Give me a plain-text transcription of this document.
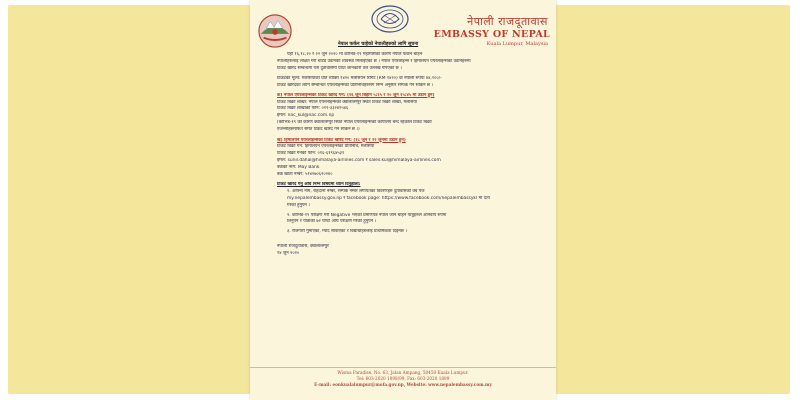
नेपाली राजदूतावास
EMBASSY OF NEPAL
Kuala Lumpur, Malaysia
नेपाल फर्कन चाहेकाे नेपालीहरुको लागि सूचना

यही १६,१८,२० र २२ जुन २०२० मा कोभिड-१९ महामारीका कारण नेपाल फर्कन चाहने
नेपालीहरुलाई लक्षित गरी चार्टर्ड उडानको व्यवस्था मिलाईएको छ । नेपाल एयरलाइन्स र हिमालयन एयरलाइन्सका उडानहरुमा
टिकट खरिद सम्बन्धमा यस दुतावासमा प्राप्त जानकारी तल उल्लेख गरिएको छ ।

टिकटको मूल्य: मलेसियाको प्रति व्यक्ति १४२० मलेसियन रिंगिट (RM १४२०) वा नेपाली रुपैयाँ ४४,१००/-
टिकट खरिदका लागि सम्बन्धित एयरलाइन्सका प्रतिनिधिहरुसँग निम्न अनुसार सम्पर्क गर्न सकिने छ ।

क) नेपाल एयरलाइन्सको टिकट खरिद गर्न: (१६ जुन बिहान ५:१५ र २० जुन १५:४५ मा उडान हुने)
टिकट बिक्री शाखा: नेपाल एयरलाइन्सको क्वालालम्पुर स्थित टिकट बिक्री शाखा, मलेसिया
टिकट बिक्री शाखाको फोन: ०१९-३३२४१५४६
ईमेल: nac_kul@nac.com.np
(कोभिड-१९ को कारण क्वालालम्पुर स्थित नेपाल एयरलाइन्सको कार्यालय बन्द रहेकोले टिकट बिक्री
एजेन्सीहरुमार्फत समेत टिकट खरिद गर्न सकिने छ ।)
ख) हिमालयन एयरलाइन्सको टिकट खरिद गर्न: (१८ जुन र २२ जुनमा उडान हुने)
टिकट बिक्री गर्ने: हिमालयन एयरलाइन्सका प्रतिनिधि, मलेसिया
टिकट बिक्री गर्नेको फोन: ०१६-६१९६४५३१
ईमेल: sunil.dahal@himalaya-airlines.com र sales.kul@himalaya-airlines.com
बैंकको नाम: May Bank
बैंक खाता नम्बर: ५१४२७०६२०२४०
टिकट खरिद गर्नु अघि निम्न विषयमा ध्यान दिनुहोला:
१. आफ्नो नाम, राहदानी नम्बर, सम्पर्क नम्बर लगायतका विवरणहरु दुतावासको वेब पेज
my.nepalembassy.gov.np र facebook page: https://www.facebook.com/nepalembassykl मा दर्ता
गरेको हुनुपर्ने ।
२. कोभिड-१९ परीक्षण गरी Negative भएको प्रमाणपत्र नेपाल जान चाहने यात्रुहरुले अनिवार्य रुपमा
लिनुपर्ने र यात्राको ७२ घण्टा अघि परीक्षण गरेको हुनुपर्ने ।
३. रोजगारी गुमाएका, म्याद सकिएका र विद्यार्थीहरुलाई प्राथमिकता दिइनेछ ।
नेपाली राजदूतावास, क्वालालम्पुर
१४ जुन २०२०
Wisma Paradise, No. 63, Jalan Ampang, 50450 Kuala Lumpur.
Tel: 603-2020 1898/99, Fax: 603-2020 1899
E-mail: eonkualalumpur@mofa.gov.np, Website: www.nepalembassy.com.my
